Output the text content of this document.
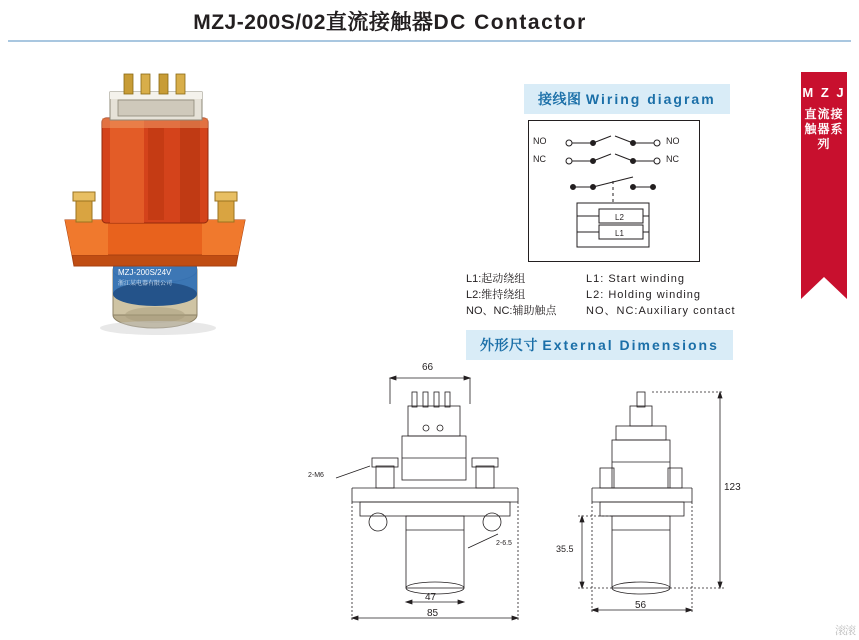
MZJ-200S/02直流接触器DC Contactor
M Z J
直流接触器系列
MZJ-200S/24V
浙江某电器有限公司
接线图 Wiring diagram
L2
L1
NO
NC
NO
NC
L1:起动绕组	L1: Start winding
L2:维持绕组	L2: Holding winding
NO、NC:辅助触点	NO、NC:Auxiliary contact
外形尺寸 External Dimensions
66
47
85
2-M6
2-6.5
123
35.5
56
滚滚
